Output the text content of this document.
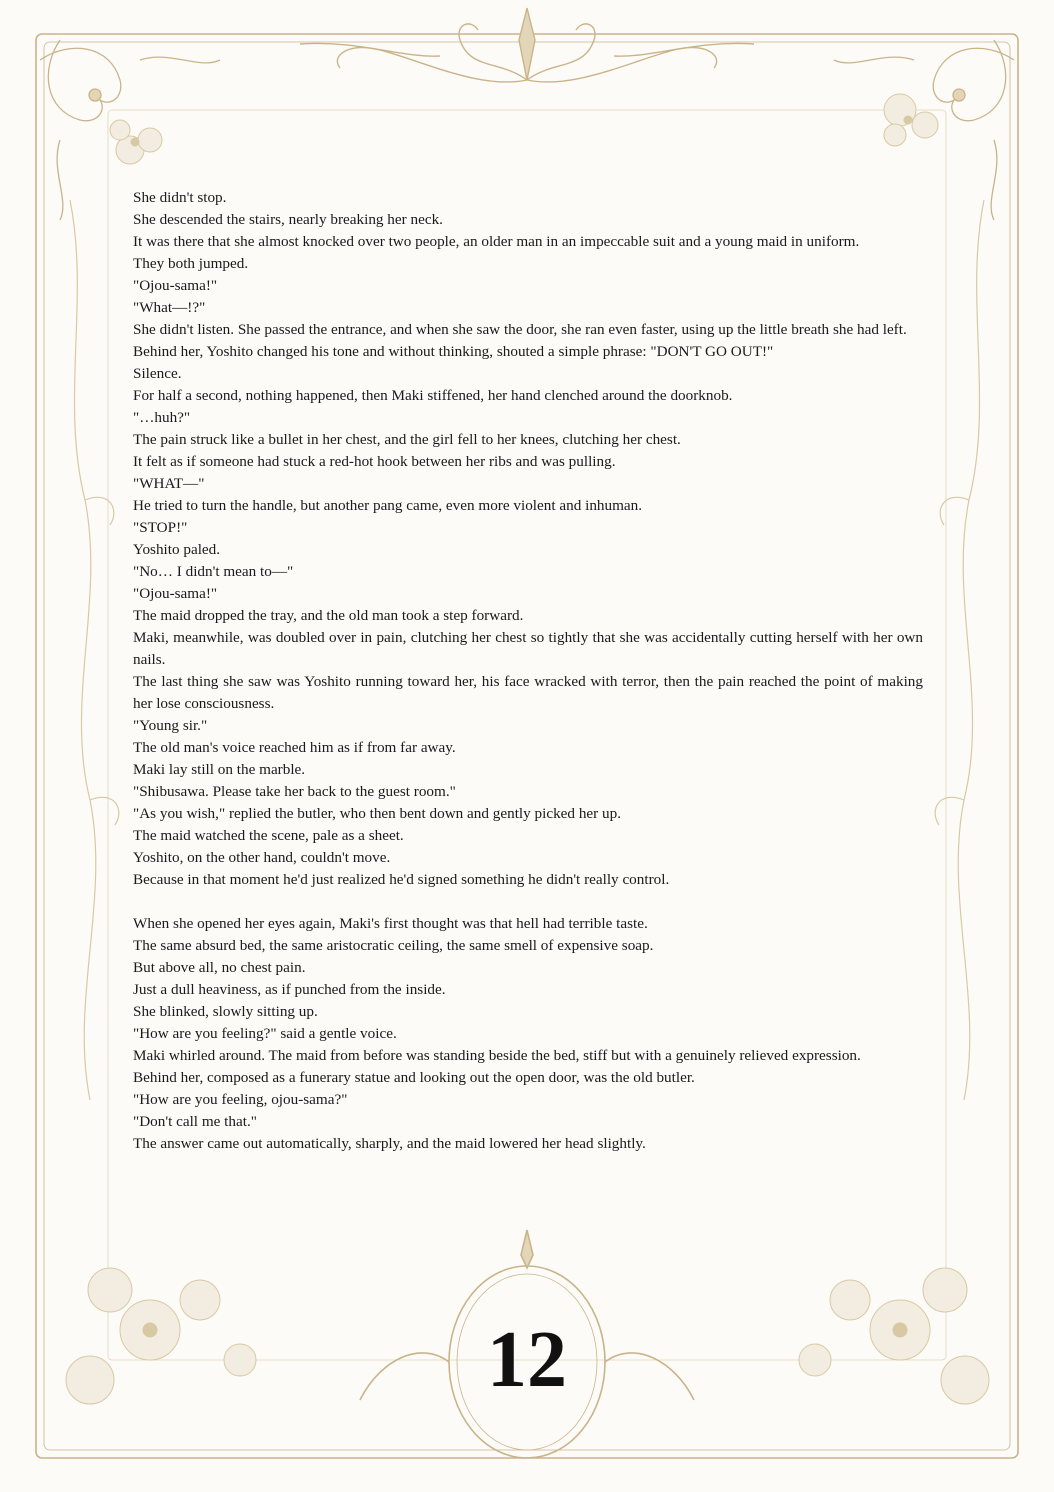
She didn't stop.

She descended the stairs, nearly breaking her neck.

It was there that she almost knocked over two people, an older man in an impeccable suit and a young maid in uniform.

They both jumped.

"Ojou-sama!"

"What—!?"

She didn't listen. She passed the entrance, and when she saw the door, she ran even faster, using up the little breath she had left.

Behind her, Yoshito changed his tone and without thinking, shouted a simple phrase: "DON'T GO OUT!"

Silence.

For half a second, nothing happened, then Maki stiffened, her hand clenched around the doorknob.

"…huh?"

The pain struck like a bullet in her chest, and the girl fell to her knees, clutching her chest.

It felt as if someone had stuck a red-hot hook between her ribs and was pulling.

"WHAT—"

He tried to turn the handle, but another pang came, even more violent and inhuman.

"STOP!"

Yoshito paled.

"No… I didn't mean to—"

"Ojou-sama!"

The maid dropped the tray, and the old man took a step forward.

Maki, meanwhile, was doubled over in pain, clutching her chest so tightly that she was accidentally cutting herself with her own nails.

The last thing she saw was Yoshito running toward her, his face wracked with terror, then the pain reached the point of making her lose consciousness.

"Young sir."

The old man's voice reached him as if from far away.

Maki lay still on the marble.

"Shibusawa. Please take her back to the guest room."

"As you wish," replied the butler, who then bent down and gently picked her up.

The maid watched the scene, pale as a sheet.

Yoshito, on the other hand, couldn't move.

Because in that moment he'd just realized he'd signed something he didn't really control.

When she opened her eyes again, Maki's first thought was that hell had terrible taste.

The same absurd bed, the same aristocratic ceiling, the same smell of expensive soap.

But above all, no chest pain.

Just a dull heaviness, as if punched from the inside.

She blinked, slowly sitting up.

"How are you feeling?" said a gentle voice.

Maki whirled around. The maid from before was standing beside the bed, stiff but with a genuinely relieved expression.

Behind her, composed as a funerary statue and looking out the open door, was the old butler.

"How are you feeling, ojou-sama?"

"Don't call me that."

The answer came out automatically, sharply, and the maid lowered her head slightly.

12
